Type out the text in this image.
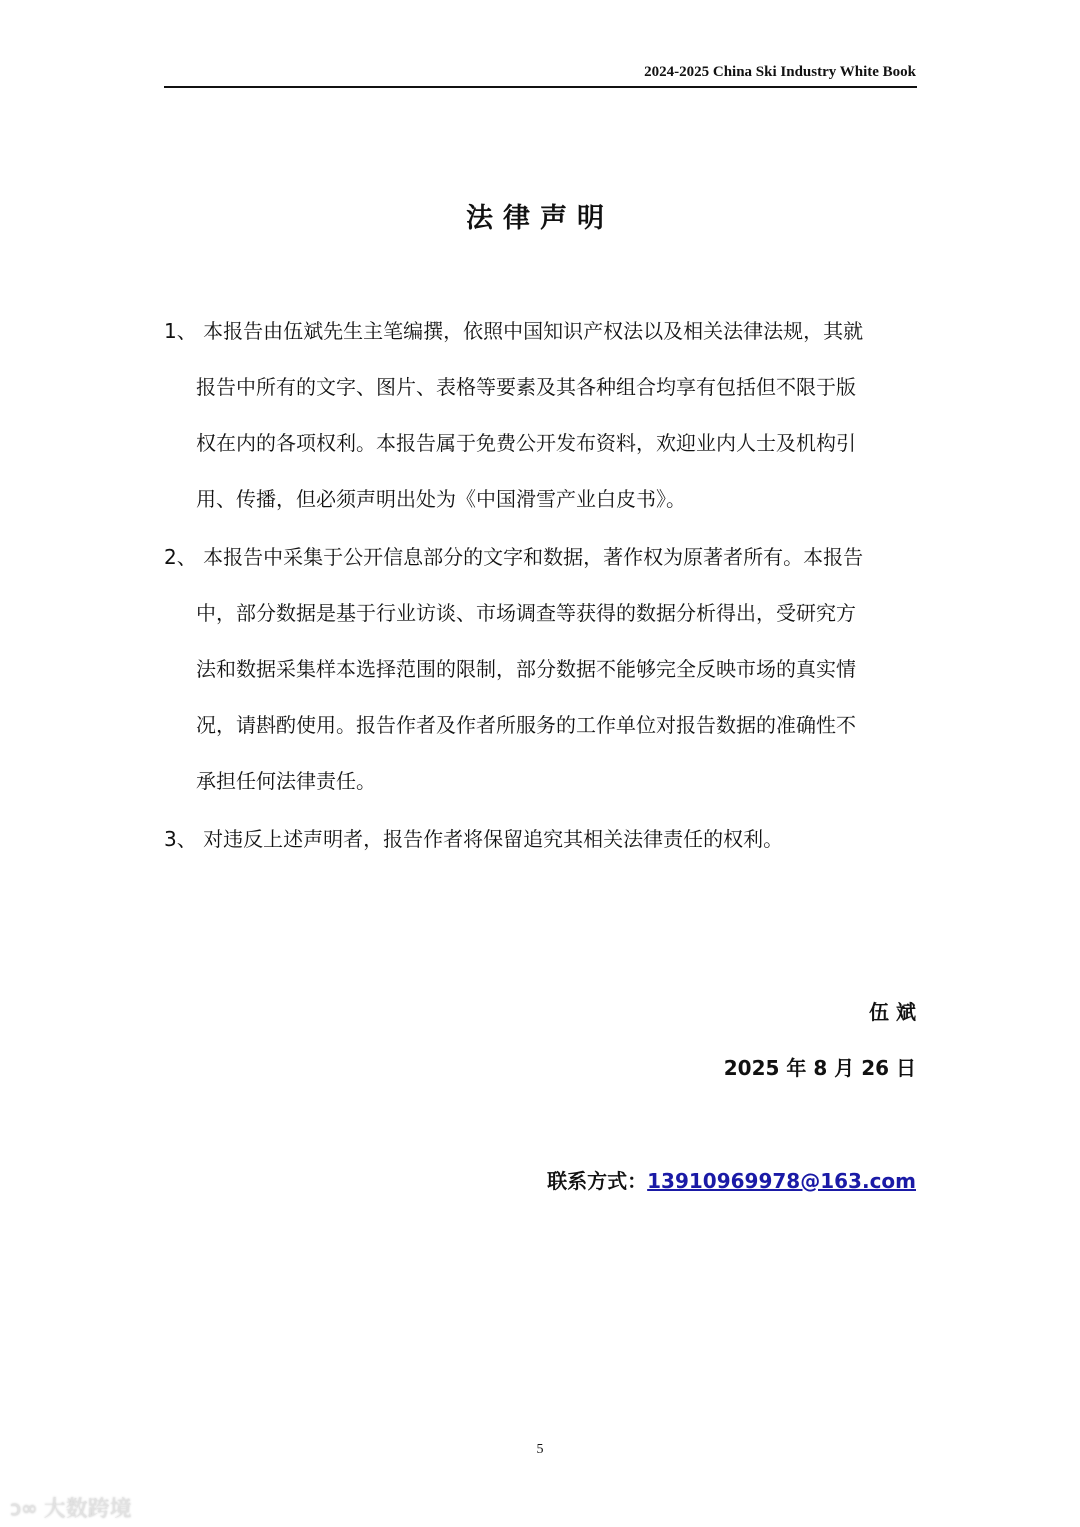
2024-2025 China Ski Industry White Book
法律声明
1、 本报告由伍斌先生主笔编撰，依照中国知识产权法以及相关法律法规，其就
报告中所有的文字、图片、表格等要素及其各种组合均享有包括但不限于版
权在内的各项权利。本报告属于免费公开发布资料，欢迎业内人士及机构引
用、传播，但必须声明出处为《中国滑雪产业白皮书》。
2、 本报告中采集于公开信息部分的文字和数据，著作权为原著者所有。本报告
中，部分数据是基于行业访谈、市场调查等获得的数据分析得出，受研究方
法和数据采集样本选择范围的限制，部分数据不能够完全反映市场的真实情
况，请斟酌使用。报告作者及作者所服务的工作单位对报告数据的准确性不
承担任何法律责任。
3、 对违反上述声明者，报告作者将保留追究其相关法律责任的权利。
伍 斌
2025 年 8 月 26 日
联系方式：13910969978@163.com
5
ↄ∞ 大数跨境
